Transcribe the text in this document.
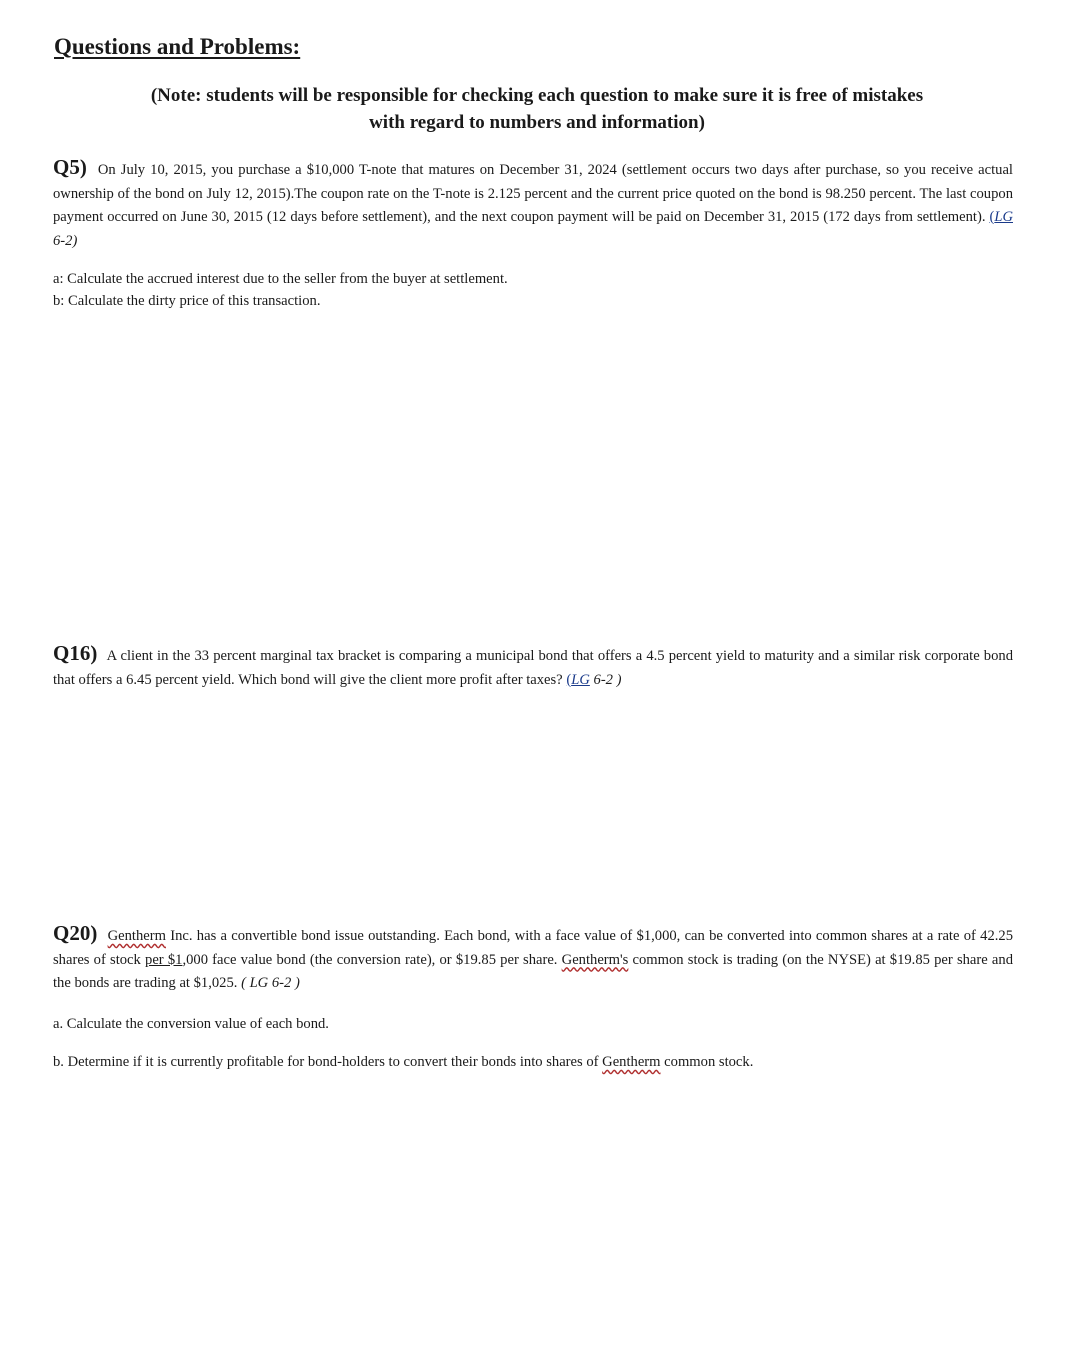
Questions and Problems:
(Note: students will be responsible for checking each question to make sure it is free of mistakes
with regard to numbers and information)
Q5) On July 10, 2015, you purchase a $10,000 T-note that matures on December 31, 2024 (settlement occurs two days after purchase, so you receive actual ownership of the bond on July 12, 2015).The coupon rate on the T-note is 2.125 percent and the current price quoted on the bond is 98.250 percent. The last coupon payment occurred on June 30, 2015 (12 days before settlement), and the next coupon payment will be paid on December 31, 2015 (172 days from settlement). (LG 6-2)
a: Calculate the accrued interest due to the seller from the buyer at settlement.
b: Calculate the dirty price of this transaction.
Q16) A client in the 33 percent marginal tax bracket is comparing a municipal bond that offers a 4.5 percent yield to maturity and a similar risk corporate bond that offers a 6.45 percent yield. Which bond will give the client more profit after taxes? (LG 6-2 )
Q20) Gentherm Inc. has a convertible bond issue outstanding. Each bond, with a face value of $1,000, can be converted into common shares at a rate of 42.25 shares of stock per $1,000 face value bond (the conversion rate), or $19.85 per share. Gentherm's common stock is trading (on the NYSE) at $19.85 per share and the bonds are trading at $1,025. ( LG 6-2 )
a. Calculate the conversion value of each bond.
b. Determine if it is currently profitable for bond-holders to convert their bonds into shares of Gentherm common stock.
